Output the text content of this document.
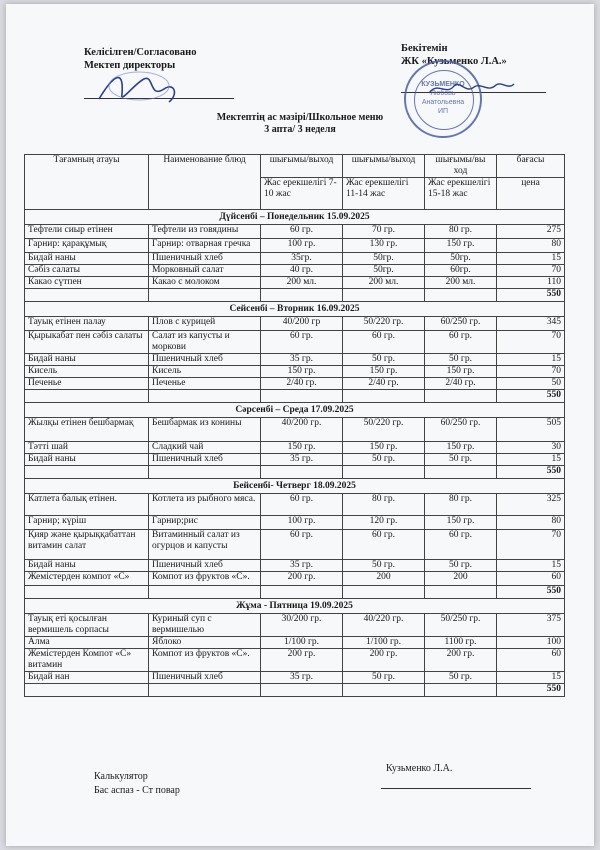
Келісілген/Согласовано
Мектеп директоры
Бекітемін
ЖК «Кузьменко Л.А.»
КУЗЬМЕНКО
Любовь
Анатольевна
ИП
Мектептің ас мәзірі/Школьное меню
3 апта/ 3 неделя
Тағамның атауы	Наименование блюд	шығымы/выход	шығымы/выход	шығымы/вы ход	бағасы
		Жас ерекшелігі 7-10 жас	Жас ерекшелігі 11-14 жас	Жас ерекшелігі 15-18 жас	цена
Дүйсенбі – Понедельник 15.09.2025					
Тефтели сиыр етінен	Тефтели из говядины	60 гр.	70 гр.	80 гр.	275
Гарнир: қарақұмық	Гарнир: отварная гречка	100 гр.	130 гр.	150 гр.	80
Бидай наны	Пшеничный хлеб	35гр.	50гр.	50гр.	15
Сәбіз салаты	Морковный салат	40 гр.	50гр.	60гр.	70
Какао сүтпен	Какао с молоком	200 мл.	200 мл.	200 мл.	110
					550
Сейсенбі – Вторник 16.09.2025					
Тауық етінен палау	Плов с курицей	40/200 гр	50/220 гр.	60/250 гр.	345
Қырыкабат пен сәбіз салаты	Салат из капусты и моркови	60 гр.	60 гр.	60 гр.	70
Бидай наны	Пшеничный хлеб	35 гр.	50 гр.	50 гр.	15
Кисель	Кисель	150 гр.	150 гр.	150 гр.	70
Печенье	Печенье	2/40 гр.	2/40 гр.	2/40 гр.	50
					550
Сәрсенбі – Среда 17.09.2025					
Жылқы етінен бешбармақ	Бешбармак из конины	40/200 гр.	50/220 гр.	60/250 гр.	505
Тәтті шай	Сладкий чай	150 гр.	150 гр.	150 гр.	30
Бидай наны	Пшеничный хлеб	35 гр.	50 гр.	50 гр.	15
					550
Бейсенбі- Четверг 18.09.2025					
Катлета балық етінен.	Котлета из рыбного мяса.	60 гр.	80 гр.	80 гр.	325
Гарнир; күріш	Гарнир;рис	100 гр.	120 гр.	150 гр.	80
Қияр және қырыққабаттан витамин салат	Витаминный салат из огурцов и капусты	60 гр.	60 гр.	60 гр.	70
Бидай наны	Пшеничный хлеб	35 гр.	50 гр.	50 гр.	15
Жемістерден компот «С»	Компот из фруктов «С».	200 гр.	200	200	60
					550
Жұма - Пятница 19.09.2025					
Тауық еті қосылған вермишель сорпасы	Куриный суп с вермишелью	30/200 гр.	40/220 гр.	50/250 гр.	375
Алма	Яблоко	1/100 гр.	1/100 гр.	1100 гр.	100
Жемістерден Компот «С» витамин	Компот из фруктов «С».	200 гр.	200 гр.	200 гр.	60
Бидай нан	Пшеничный хлеб	35 гр.	50 гр.	50 гр.	15
					550
Калькулятор
Бас аспаз - Ст повар
Кузьменко Л.А.
